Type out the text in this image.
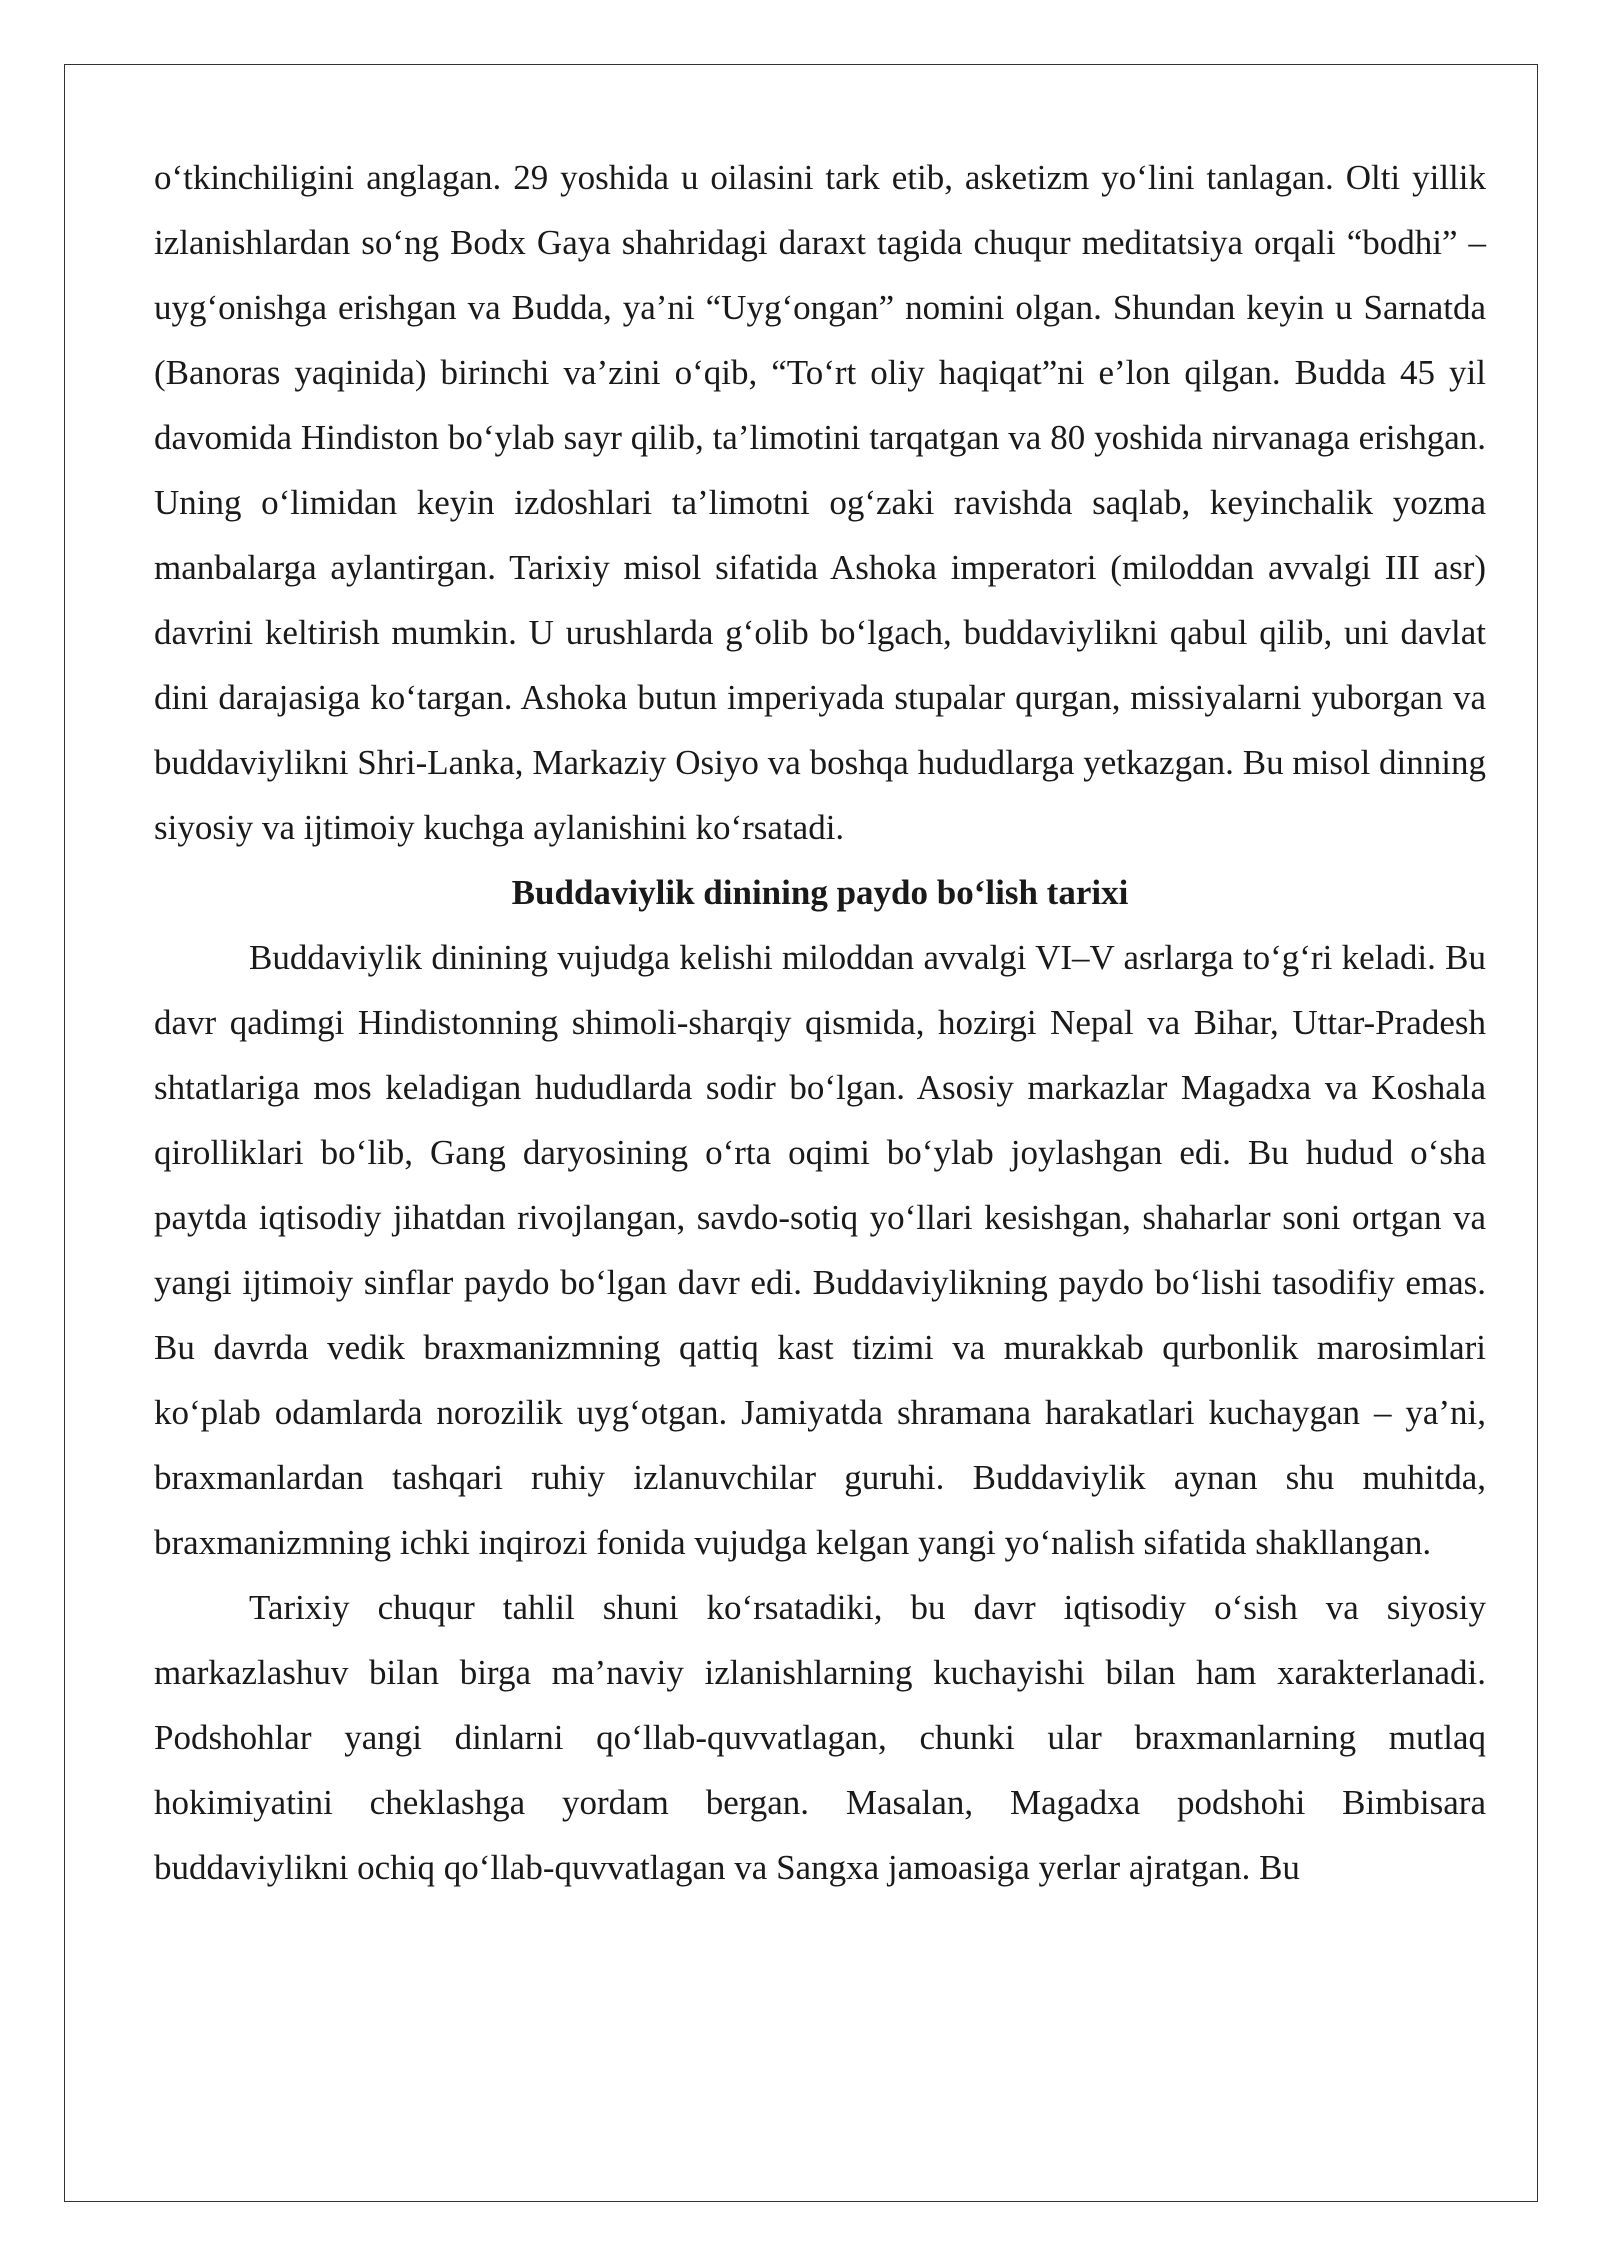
o‘tkinchiligini anglagan. 29 yoshida u oilasini tark etib, asketizm yo‘lini tanlagan. Olti yillik izlanishlardan so‘ng Bodx Gaya shahridagi daraxt tagida chuqur meditatsiya orqali “bodhi” – uyg‘onishga erishgan va Budda, ya’ni “Uyg‘ongan” nomini olgan. Shundan keyin u Sarnatda (Banoras yaqinida) birinchi va’zini o‘qib, “To‘rt oliy haqiqat”ni e’lon qilgan. Budda 45 yil davomida Hindiston bo‘ylab sayr qilib, ta’limotini tarqatgan va 80 yoshida nirvanaga erishgan. Uning o‘limidan keyin izdoshlari ta’limotni og‘zaki ravishda saqlab, keyinchalik yozma manbalarga aylantirgan. Tarixiy misol sifatida Ashoka imperatori (miloddan avvalgi III asr) davrini keltirish mumkin. U urushlarda g‘olib bo‘lgach, buddaviylikni qabul qilib, uni davlat dini darajasiga ko‘targan. Ashoka butun imperiyada stupalar qurgan, missiyalarni yuborgan va buddaviylikni Shri-Lanka, Markaziy Osiyo va boshqa hududlarga yetkazgan. Bu misol dinning siyosiy va ijtimoiy kuchga aylanishini ko‘rsatadi.

Buddaviylik dinining paydo bo‘lish tarixi

Buddaviylik dinining vujudga kelishi miloddan avvalgi VI–V asrlarga to‘g‘ri keladi. Bu davr qadimgi Hindistonning shimoli-sharqiy qismida, hozirgi Nepal va Bihar, Uttar-Pradesh shtatlariga mos keladigan hududlarda sodir bo‘lgan. Asosiy markazlar Magadxa va Koshala qirolliklari bo‘lib, Gang daryosining o‘rta oqimi bo‘ylab joylashgan edi. Bu hudud o‘sha paytda iqtisodiy jihatdan rivojlangan, savdo-sotiq yo‘llari kesishgan, shaharlar soni ortgan va yangi ijtimoiy sinflar paydo bo‘lgan davr edi. Buddaviylikning paydo bo‘lishi tasodifiy emas. Bu davrda vedik braxmanizmning qattiq kast tizimi va murakkab qurbonlik marosimlari ko‘plab odamlarda norozilik uyg‘otgan. Jamiyatda shramana harakatlari kuchaygan – ya’ni, braxmanlardan tashqari ruhiy izlanuvchilar guruhi. Buddaviylik aynan shu muhitda, braxmanizmning ichki inqirozi fonida vujudga kelgan yangi yo‘nalish sifatida shakllangan.

Tarixiy chuqur tahlil shuni ko‘rsatadiki, bu davr iqtisodiy o‘sish va siyosiy markazlashuv bilan birga ma’naviy izlanishlarning kuchayishi bilan ham xarakterlanadi. Podshohlar yangi dinlarni qo‘llab-quvvatlagan, chunki ular braxmanlarning mutlaq hokimiyatini cheklashga yordam bergan. Masalan, Magadxa podshohi Bimbisara buddaviylikni ochiq qo‘llab-quvvatlagan va Sangxa jamoasiga yerlar ajratgan. Bu
